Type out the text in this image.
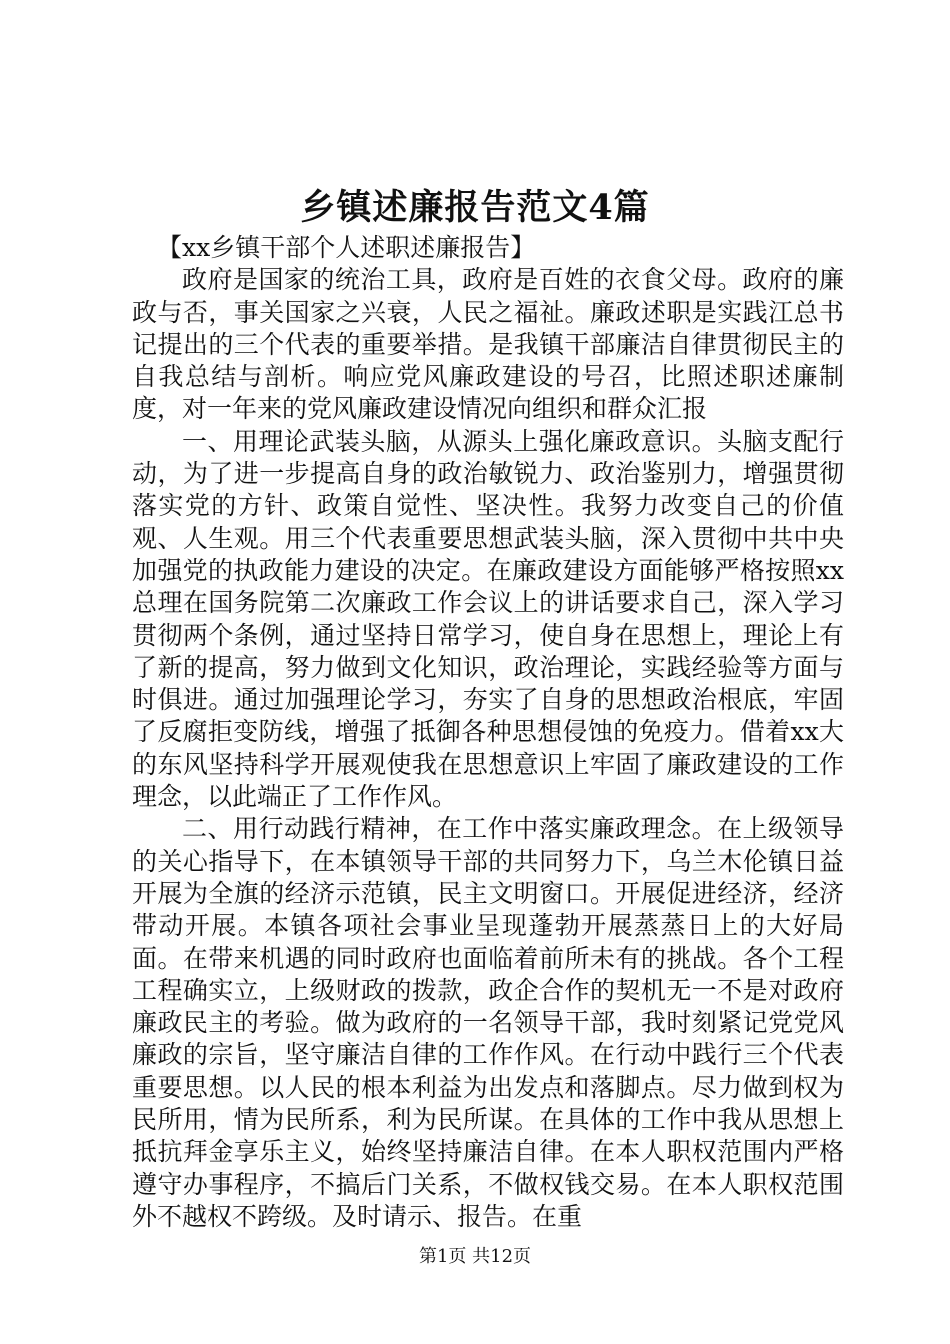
乡镇述廉报告范文4篇

【xx乡镇干部个人述职述廉报告】

政府是国家的统治工具，政府是百姓的衣食父母。政府的廉政与否，事关国家之兴衰，人民之福祉。廉政述职是实践江总书记提出的三个代表的重要举措。是我镇干部廉洁自律贯彻民主的自我总结与剖析。响应党风廉政建设的号召，比照述职述廉制度，对一年来的党风廉政建设情况向组织和群众汇报

一、用理论武装头脑，从源头上强化廉政意识。头脑支配行动，为了进一步提高自身的政治敏锐力、政治鉴别力，增强贯彻落实党的方针、政策自觉性、坚决性。我努力改变自己的价值观、人生观。用三个代表重要思想武装头脑，深入贯彻中共中央加强党的执政能力建设的决定。在廉政建设方面能够严格按照xx总理在国务院第二次廉政工作会议上的讲话要求自己，深入学习贯彻两个条例，通过坚持日常学习，使自身在思想上，理论上有了新的提高，努力做到文化知识，政治理论，实践经验等方面与时俱进。通过加强理论学习，夯实了自身的思想政治根底，牢固了反腐拒变防线，增强了抵御各种思想侵蚀的免疫力。借着xx大的东风坚持科学开展观使我在思想意识上牢固了廉政建设的工作理念，以此端正了工作作风。

二、用行动践行精神，在工作中落实廉政理念。在上级领导的关心指导下，在本镇领导干部的共同努力下，乌兰木伦镇日益开展为全旗的经济示范镇，民主文明窗口。开展促进经济，经济带动开展。本镇各项社会事业呈现蓬勃开展蒸蒸日上的大好局面。在带来机遇的同时政府也面临着前所未有的挑战。各个工程工程确实立，上级财政的拨款，政企合作的契机无一不是对政府廉政民主的考验。做为政府的一名领导干部，我时刻紧记党党风廉政的宗旨，坚守廉洁自律的工作作风。在行动中践行三个代表重要思想。以人民的根本利益为出发点和落脚点。尽力做到权为民所用，情为民所系，利为民所谋。在具体的工作中我从思想上抵抗拜金享乐主义，始终坚持廉洁自律。在本人职权范围内严格遵守办事程序，不搞后门关系，不做权钱交易。在本人职权范围外不越权不跨级。及时请示、报告。在重

第1页 共12页
